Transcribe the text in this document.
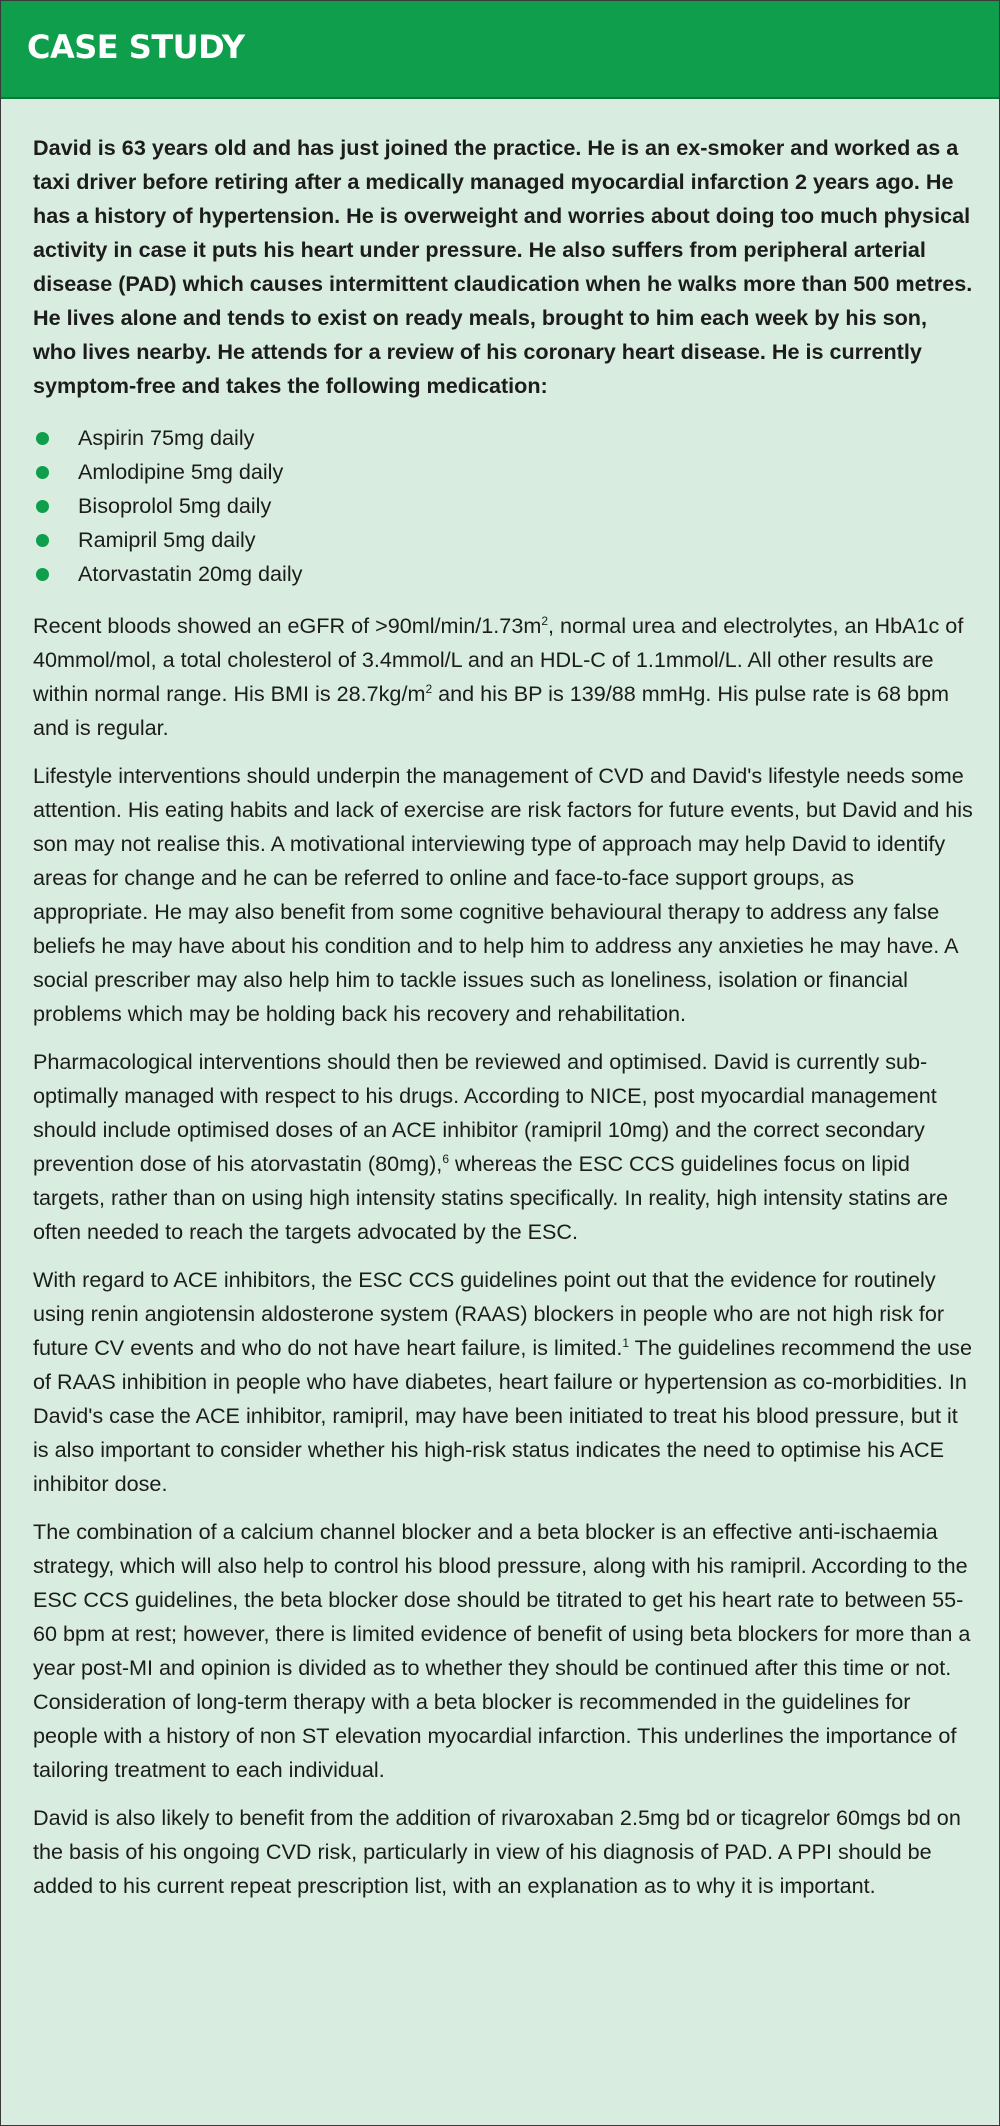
CASE STUDY

David is 63 years old and has just joined the practice. He is an ex-smoker and worked as a taxi driver before retiring after a medically managed myocardial infarction 2 years ago. He has a history of hypertension. He is overweight and worries about doing too much physical activity in case it puts his heart under pressure. He also suffers from peripheral arterial disease (PAD) which causes intermittent claudication when he walks more than 500 metres. He lives alone and tends to exist on ready meals, brought to him each week by his son, who lives nearby. He attends for a review of his coronary heart disease. He is currently symptom-free and takes the following medication:

Aspirin 75mg daily
Amlodipine 5mg daily
Bisoprolol 5mg daily
Ramipril 5mg daily
Atorvastatin 20mg daily

Recent bloods showed an eGFR of $>90ml/\min/1.73m^2$, normal urea and electrolytes, an HbA1c of 40mmol/mol, a total cholesterol of 3.4mmol/L and an HDL-C of 1.1mmol/L. All other results are within normal range. His BMI is $28.7kg/m^2$ and his BP is 139/88 mmHg. His pulse rate is 68 bpm and is regular.

Lifestyle interventions should underpin the management of CVD and David's lifestyle needs some attention. His eating habits and lack of exercise are risk factors for future events, but David and his son may not realise this. A motivational interviewing type of approach may help David to identify areas for change and he can be referred to online and face-to-face support groups, as appropriate. He may also benefit from some cognitive behavioural therapy to address any false beliefs he may have about his condition and to help him to address any anxieties he may have. A social prescriber may also help him to tackle issues such as loneliness, isolation or financial problems which may be holding back his recovery and rehabilitation.

Pharmacological interventions should then be reviewed and optimised. David is currently sub-optimally managed with respect to his drugs. According to NICE, post myocardial management should include optimised doses of an ACE inhibitor (ramipril 10mg) and the correct secondary prevention dose of his atorvastatin (80mg),$^6$ whereas the ESC CCS guidelines focus on lipid targets, rather than on using high intensity statins specifically. In reality, high intensity statins are often needed to reach the targets advocated by the ESC.

With regard to ACE inhibitors, the ESC CCS guidelines point out that the evidence for routinely using renin angiotensin aldosterone system (RAAS) blockers in people who are not high risk for future CV events and who do not have heart failure, is limited.$^1$ The guidelines recommend the use of RAAS inhibition in people who have diabetes, heart failure or hypertension as co-morbidities. In David's case the ACE inhibitor, ramipril, may have been initiated to treat his blood pressure, but it is also important to consider whether his high-risk status indicates the need to optimise his ACE inhibitor dose.

The combination of a calcium channel blocker and a beta blocker is an effective anti-ischaemia strategy, which will also help to control his blood pressure, along with his ramipril. According to the ESC CCS guidelines, the beta blocker dose should be titrated to get his heart rate to between 55-60 bpm at rest; however, there is limited evidence of benefit of using beta blockers for more than a year post-MI and opinion is divided as to whether they should be continued after this time or not. Consideration of long-term therapy with a beta blocker is recommended in the guidelines for people with a history of non ST elevation myocardial infarction. This underlines the importance of tailoring treatment to each individual.

David is also likely to benefit from the addition of rivaroxaban 2.5mg bd or ticagrelor 60mgs bd on the basis of his ongoing CVD risk, particularly in view of his diagnosis of PAD. A PPI should be added to his current repeat prescription list, with an explanation as to why it is important.
